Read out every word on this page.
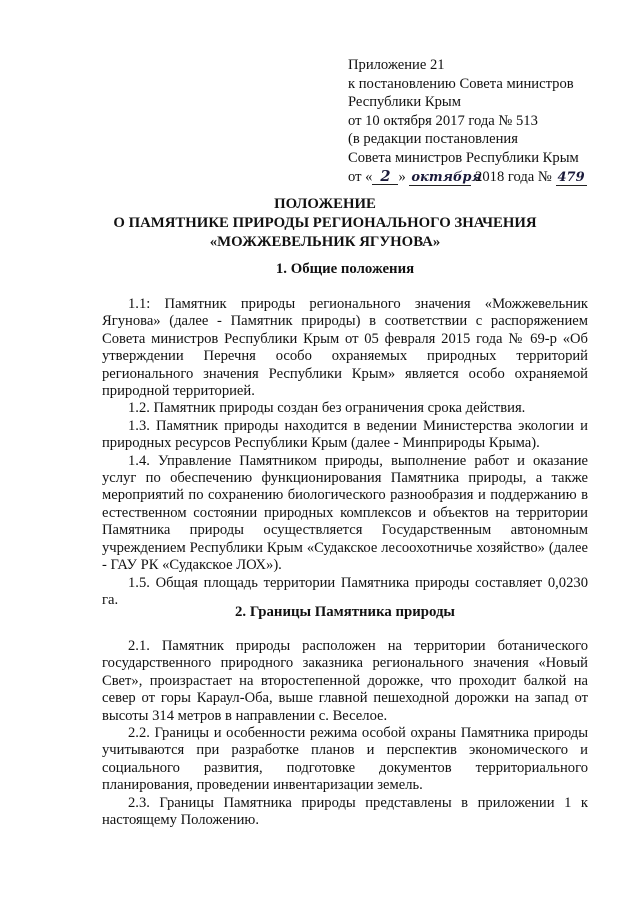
Приложение 21
к постановлению Совета министров
Республики Крым
от 10 октября 2017 года № 513
(в редакции постановления
Совета министров Республики Крым
от « 2 » октября 2018 года № 479
ПОЛОЖЕНИЕ
О ПАМЯТНИКЕ ПРИРОДЫ РЕГИОНАЛЬНОГО ЗНАЧЕНИЯ
«МОЖЖЕВЕЛЬНИК ЯГУНОВА»
1. Общие положения

1.1: Памятник природы регионального значения «Можжевельник Ягунова» (далее - Памятник природы) в соответствии с распоряжением Совета министров Республики Крым от 05 февраля 2015 года № 69-р «Об утверждении Перечня особо охраняемых природных территорий регионального значения Республики Крым» является особо охраняемой природной территорией.

1.2. Памятник природы создан без ограничения срока действия.

1.3. Памятник природы находится в ведении Министерства экологии и природных ресурсов Республики Крым (далее - Минприроды Крыма).

1.4. Управление Памятником природы, выполнение работ и оказание услуг по обеспечению функционирования Памятника природы, а также мероприятий по сохранению биологического разнообразия и поддержанию в естественном состоянии природных комплексов и объектов на территории Памятника природы осуществляется Государственным автономным учреждением Республики Крым «Судакское лесоохотничье хозяйство» (далее - ГАУ РК «Судакское ЛОХ»).

1.5. Общая площадь территории Памятника природы составляет 0,0230 га.

2. Границы Памятника природы

2.1. Памятник природы расположен на территории ботанического государственного природного заказника регионального значения «Новый Свет», произрастает на второстепенной дорожке, что проходит балкой на север от горы Караул-Оба, выше главной пешеходной дорожки на запад от высоты 314 метров в направлении с. Веселое.

2.2. Границы и особенности режима особой охраны Памятника природы учитываются при разработке планов и перспектив экономического и социального развития, подготовке документов территориального планирования, проведении инвентаризации земель.

2.3. Границы Памятника природы представлены в приложении 1 к настоящему Положению.
